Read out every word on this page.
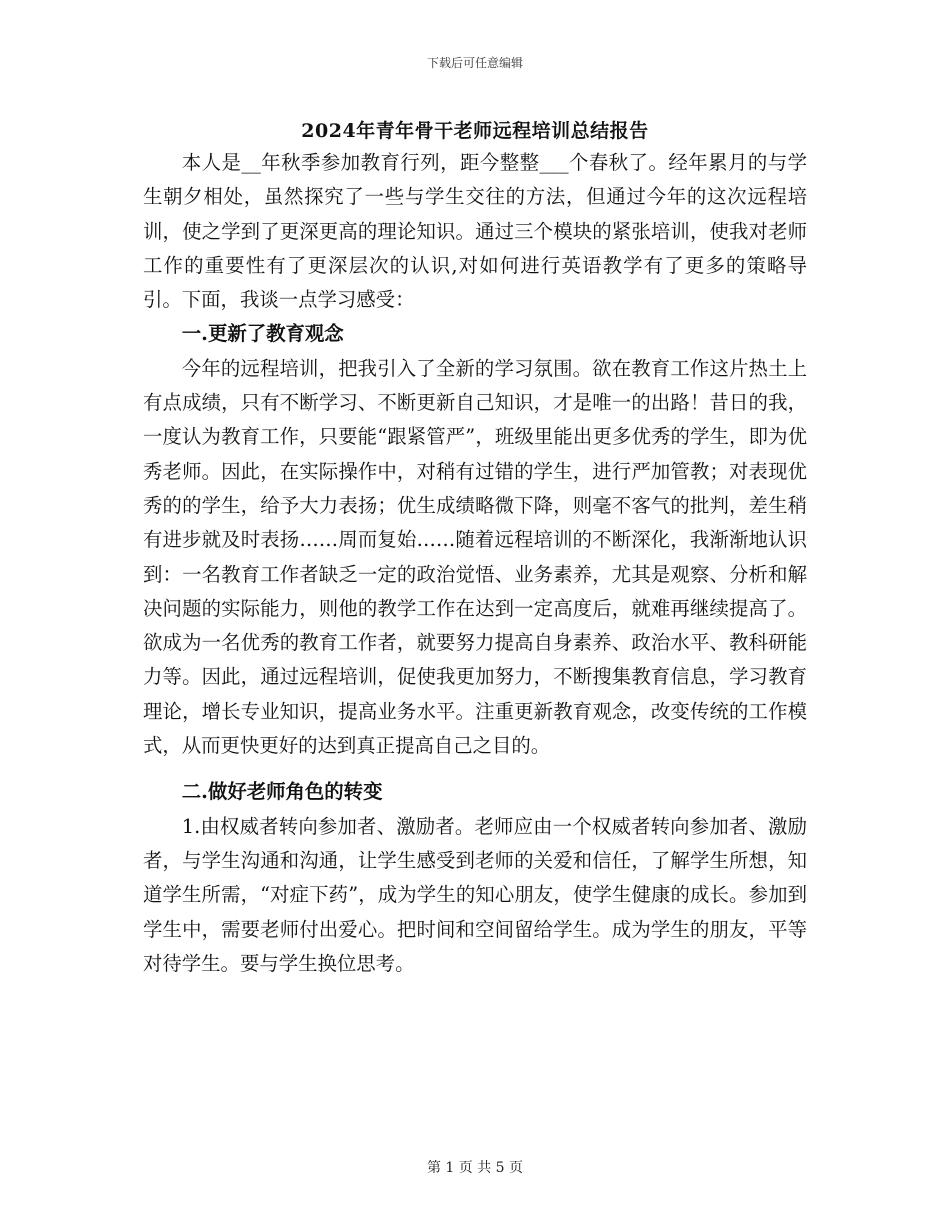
下载后可任意编辑
2024年青年骨干老师远程培训总结报告

本人是__年秋季参加教育行列，距今整整___个春秋了。经年累月的与学生朝夕相处，虽然探究了一些与学生交往的方法，但通过今年的这次远程培训，使之学到了更深更高的理论知识。通过三个模块的紧张培训，使我对老师工作的重要性有了更深层次的认识,对如何进行英语教学有了更多的策略导引。下面，我谈一点学习感受：

一.更新了教育观念

今年的远程培训，把我引入了全新的学习氛围。欲在教育工作这片热土上有点成绩，只有不断学习、不断更新自己知识，才是唯一的出路！昔日的我，一度认为教育工作，只要能“跟紧管严”，班级里能出更多优秀的学生，即为优秀老师。因此，在实际操作中，对稍有过错的学生，进行严加管教；对表现优秀的的学生，给予大力表扬；优生成绩略微下降，则毫不客气的批判，差生稍有进步就及时表扬……周而复始……随着远程培训的不断深化，我渐渐地认识到：一名教育工作者缺乏一定的政治觉悟、业务素养，尤其是观察、分析和解决问题的实际能力，则他的教学工作在达到一定高度后，就难再继续提高了。欲成为一名优秀的教育工作者，就要努力提高自身素养、政治水平、教科研能力等。因此，通过远程培训，促使我更加努力，不断搜集教育信息，学习教育理论，增长专业知识，提高业务水平。注重更新教育观念，改变传统的工作模式，从而更快更好的达到真正提高自己之目的。

二.做好老师角色的转变

1.由权威者转向参加者、激励者。老师应由一个权威者转向参加者、激励者，与学生沟通和沟通，让学生感受到老师的关爱和信任，了解学生所想，知道学生所需，“对症下药”，成为学生的知心朋友，使学生健康的成长。参加到学生中，需要老师付出爱心。把时间和空间留给学生。成为学生的朋友，平等对待学生。要与学生换位思考。

第 1 页 共 5 页
